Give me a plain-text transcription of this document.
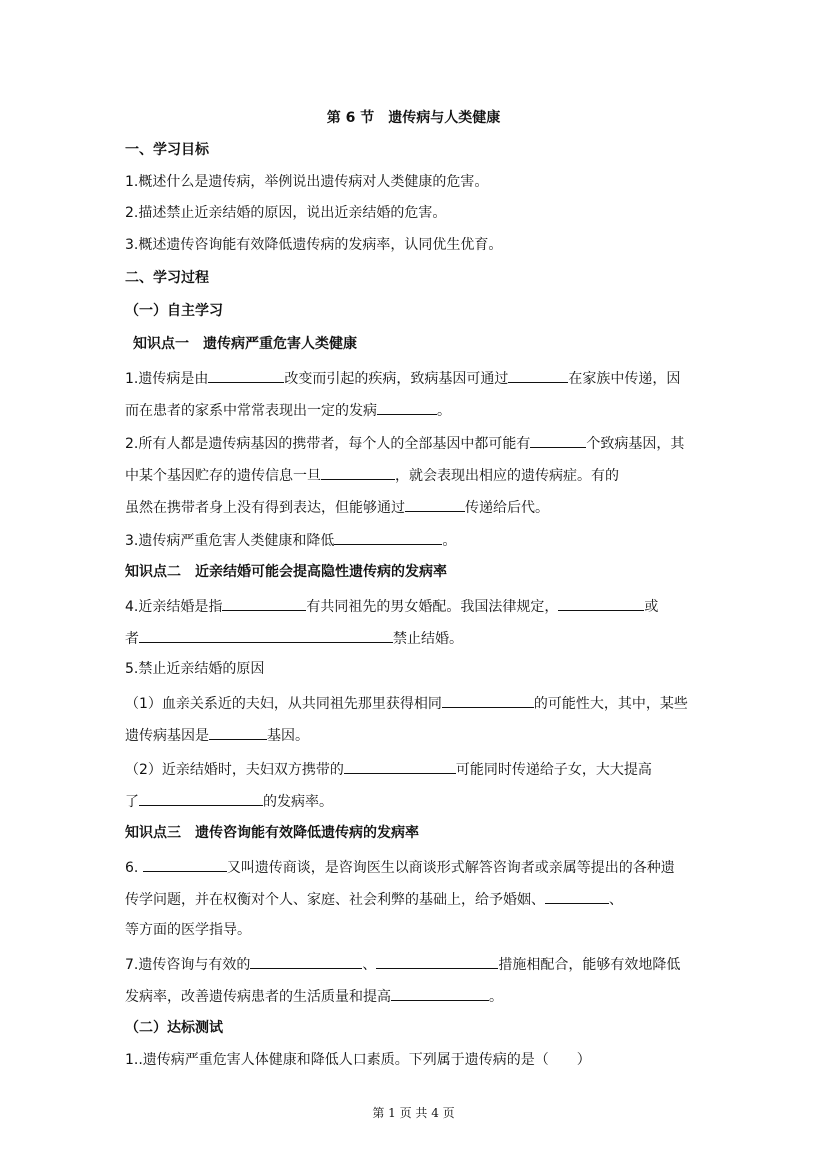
第 6 节　遗传病与人类健康
一、学习目标
1.概述什么是遗传病，举例说出遗传病对人类健康的危害。
2.描述禁止近亲结婚的原因，说出近亲结婚的危害。
3.概述遗传咨询能有效降低遗传病的发病率，认同优生优育。
二、学习过程
（一）自主学习
知识点一　遗传病严重危害人类健康
1.遗传病是由	改变而引起的疾病，致病基因可通过	在家族中传递，因
而在患者的家系中常常表现出一定的发病	。
2.所有人都是遗传病基因的携带者，每个人的全部基因中都可能有	个致病基因，其
中某个基因贮存的遗传信息一旦	，就会表现出相应的遗传病症。有的
虽然在携带者身上没有得到表达，但能够通过	传递给后代。
3.遗传病严重危害人类健康和降低	。
知识点二　近亲结婚可能会提高隐性遗传病的发病率
4.近亲结婚是指	有共同祖先的男女婚配。我国法律规定，	或
者	禁止结婚。
5.禁止近亲结婚的原因
（1）血亲关系近的夫妇，从共同祖先那里获得相同	的可能性大，其中，某些
遗传病基因是	基因。
（2）近亲结婚时，夫妇双方携带的	可能同时传递给子女，大大提高
了	的发病率。
知识点三　遗传咨询能有效降低遗传病的发病率
6.	又叫遗传商谈，是咨询医生以商谈形式解答咨询者或亲属等提出的各种遗
传学问题，并在权衡对个人、家庭、社会利弊的基础上，给予婚姻、	、
等方面的医学指导。
7.遗传咨询与有效的	、	措施相配合，能够有效地降低
发病率，改善遗传病患者的生活质量和提高	。
（二）达标测试
1..遗传病严重危害人体健康和降低人口素质。下列属于遗传病的是（　　）
第 1 页 共 4 页
